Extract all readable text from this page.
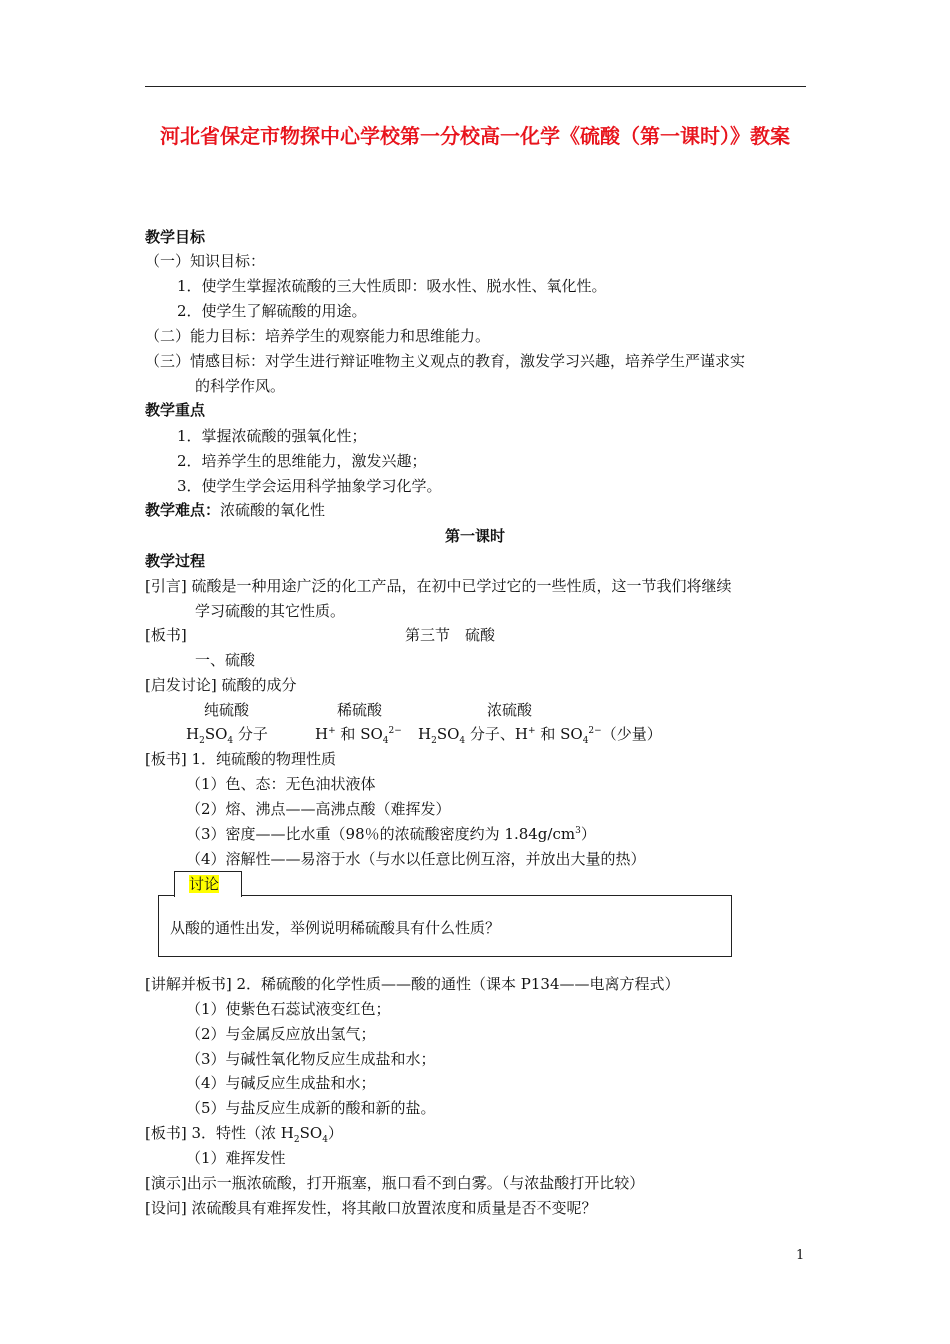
河北省保定市物探中心学校第一分校高一化学《硫酸（第一课时）》教案
教学目标
（一）知识目标：
1．使学生掌握浓硫酸的三大性质即：吸水性、脱水性、氧化性。
2．使学生了解硫酸的用途。
（二）能力目标：培养学生的观察能力和思维能力。
（三）情感目标：对学生进行辩证唯物主义观点的教育，激发学习兴趣，培养学生严谨求实
的科学作风。
教学重点
1．掌握浓硫酸的强氧化性；
2．培养学生的思维能力，激发兴趣；
3．使学生学会运用科学抽象学习化学。
教学难点：浓硫酸的氧化性
第一课时
教学过程
[引言] 硫酸是一种用途广泛的化工产品，在初中已学过它的一些性质，这一节我们将继续
学习硫酸的其它性质。
[板书]	第三节　硫酸
一、硫酸
[启发讨论] 硫酸的成分
纯硫酸	稀硫酸	浓硫酸
$H_2SO_4$ 分子	H+ 和 $SO_4^{2-}$ $H_2SO_4$ 分子、H+ 和 $SO_4^{2-}$（少量）
[板书] 1．纯硫酸的物理性质
（1）色、态：无色油状液体
（2）熔、沸点——高沸点酸（难挥发）
（3）密度——比水重（98％的浓硫酸密度约为 $1.84g/cm^3$）
（4）溶解性——易溶于水（与水以任意比例互溶，并放出大量的热）
讨论
从酸的通性出发，举例说明稀硫酸具有什么性质？
[讲解并板书] 2．稀硫酸的化学性质——酸的通性（课本 P134——电离方程式）
（1）使紫色石蕊试液变红色；
（2）与金属反应放出氢气；
（3）与碱性氧化物反应生成盐和水；
（4）与碱反应生成盐和水；
（5）与盐反应生成新的酸和新的盐。
[板书] 3．特性（浓 $H_2SO_4$）
（1）难挥发性
[演示]出示一瓶浓硫酸，打开瓶塞，瓶口看不到白雾。（与浓盐酸打开比较）
[设问] 浓硫酸具有难挥发性，将其敞口放置浓度和质量是否不变呢？
1
